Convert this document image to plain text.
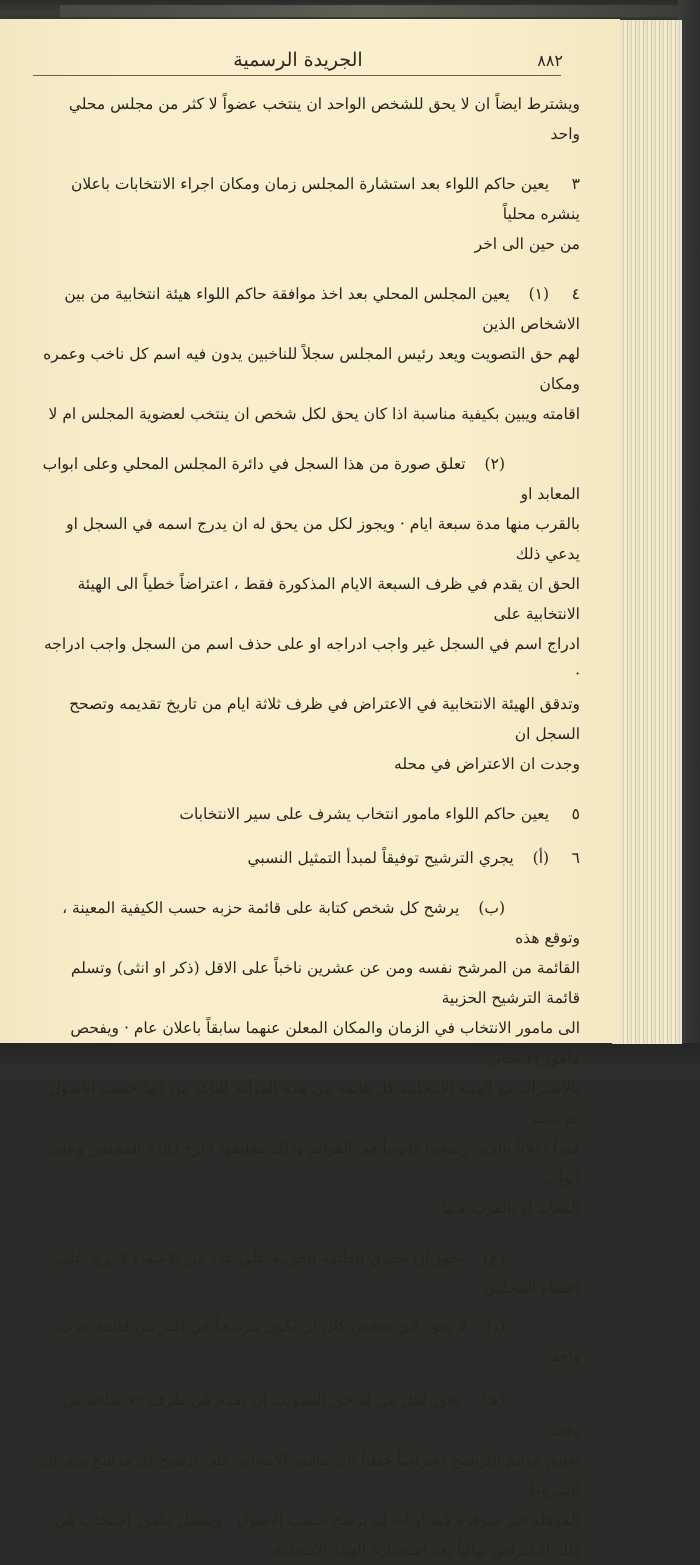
الجريدة الرسمية	٨٨٢

ويشترط ايضاً ان لا يحق للشخص الواحد ان ينتخب عضواً لا كثر من مجلس محلي واحد

٣ يعين حاكم اللواء بعد استشارة المجلس زمان ومكان اجراء الانتخابات باعلان ينشره محلياً
من حين الى اخر

٤ (١) يعين المجلس المحلي بعد اخذ موافقة حاكم اللواء هيئة انتخابية من بين الاشخاص الذين
لهم حق التصويت ويعد رئيس المجلس سجلاً للناخبين يدون فيه اسم كل ناخب وعمره ومكان
اقامته ويبين بكيفية مناسبة اذا كان يحق لكل شخص ان ينتخب لعضوية المجلس ام لا

(٢) تعلق صورة من هذا السجل في دائرة المجلس المحلي وعلى ابواب المعابد او
بالقرب منها مدة سبعة ايام · ويجوز لكل من يحق له ان يدرج اسمه في السجل او يدعي ذلك
الحق ان يقدم في ظرف السبعة الايام المذكورة فقط ، اعتراضاً خطياً الى الهيئة الانتخابية على
ادراج اسم في السجل غير واجب ادراجه او على حذف اسم من السجل واجب ادراجه ·
وتدقق الهيئة الانتخابية في الاعتراض في ظرف ثلاثة ايام من تاريخ تقديمه وتصحح السجل ان
وجدت ان الاعتراض في محله

٥ يعين حاكم اللواء مامور انتخاب يشرف على سير الانتخابات

٦ (أ) يجري الترشيح توفيقاً لمبدأ التمثيل النسبي

(ب) يرشح كل شخص كتابة على قائمة حزبه حسب الكيفية المعينة ، وتوقع هذه
القائمة من المرشح نفسه ومن عن عشرين ناخباً على الاقل (ذكر او انثى) وتسلم قائمة الترشيح الحزبية
الى مامور الانتخاب في الزمان والمكان المعلن عنهما سابقاً باعلان عام · ويفحص مامور الانتخاب
بالاشتراك مع الهيئة الانتخابية كل قائمة من هذه القوائم للتاكد من انها حسب الاصول ثم ينشر
فوراً اعلاناً بالذين رشحوا قانونياً في القوائم وذلك بتعليقها خارج دائرة المجلس وعلى ابواب
المعابد او بالقرب منها

(ج) يجوز ان تحتوي القائمة الحزبية على عدد من الاسماء لا يزيد على اعضاء المجلس

(د) لا يجوز لاي شخص كان ان يكون مرشحاً في اكثر من قائمة حزب واحد

(هـ) يجوز لكل من له حق التصويت ان يقدم في ظرف ٧٢ ساعة من وقت
تعليق قوائم الترشيح اعتراضاً خطياً الى مامور الانتخاب على ترشيح اي مرشح يرى ان الشروط
الموهلة غير متوفرة فيه او انه لم يرشح حسب الاصول · ويفصل مامور الانتخاب في
ذلك الاعتراض نهائياً بعد استشارة الهيئة الانتخابية
